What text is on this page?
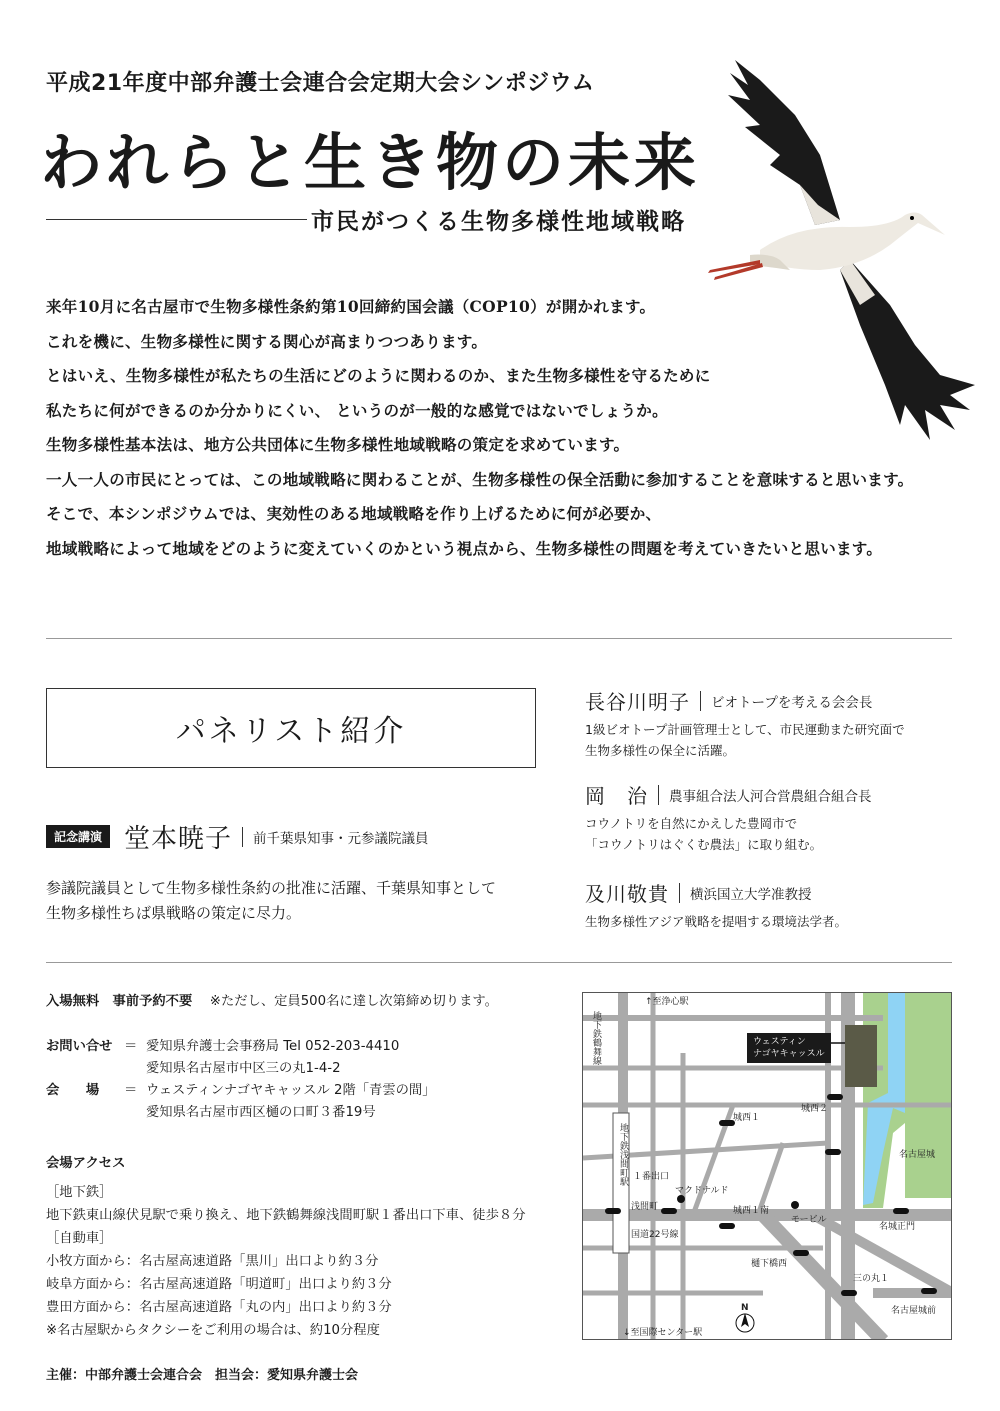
平成21年度中部弁護士会連合会定期大会シンポジウム
われらと生き物の未来
市民がつくる生物多様性地域戦略

来年10月に名古屋市で生物多様性条約第10回締約国会議（COP10）が開かれます。

これを機に、生物多様性に関する関心が高まりつつあります。

とはいえ、生物多様性が私たちの生活にどのように関わるのか、また生物多様性を守るために

私たちに何ができるのか分かりにくい、 というのが一般的な感覚ではないでしょうか。

生物多様性基本法は、地方公共団体に生物多様性地域戦略の策定を求めています。

一人一人の市民にとっては、この地域戦略に関わることが、生物多様性の保全活動に参加することを意味すると思います。

そこで、本シンポジウムでは、実効性のある地域戦略を作り上げるために何が必要か、

地域戦略によって地域をどのように変えていくのかという視点から、生物多様性の問題を考えていきたいと思います。

パネリスト紹介
記念講演 堂本暁子 前千葉県知事・元参議院議員
参議院議員として生物多様性条約の批准に活躍、千葉県知事として
生物多様性ちば県戦略の策定に尽力。
長谷川明子 ビオトープを考える会会長
1級ビオトープ計画管理士として、市民運動また研究面で
生物多様性の保全に活躍。
岡　治 農事組合法人河合営農組合組合長
コウノトリを自然にかえした豊岡市で
「コウノトリはぐくむ農法」に取り組む。
及川敬貴 横浜国立大学准教授
生物多様性アジア戦略を提唱する環境法学者。
入場無料　事前予約不要　 ※ただし、定員500名に達し次第締め切ります。
お問い合せ ＝ 愛知県弁護士会事務局 Tel 052-203-4410
愛知県名古屋市中区三の丸1-4-2
会　　場	＝ ウェスティンナゴヤキャッスル 2階「青雲の間」
愛知県名古屋市西区樋の口町３番19号
会場アクセス
［地下鉄］
地下鉄東山線伏見駅で乗り換え、地下鉄鶴舞線浅間町駅１番出口下車、徒歩８分
［自動車］
小牧方面から：名古屋高速道路「黒川」出口より約３分
岐阜方面から：名古屋高速道路「明道町」出口より約３分
豊田方面から：名古屋高速道路「丸の内」出口より約３分
※名古屋駅からタクシーをご利用の場合は、約10分程度
ウェスティン
ナゴヤキャッスル
地下鉄鶴舞線
地下鉄浅間町駅
↑至浄心駅
↓至国際センター駅
１番出口
浅間町
マクドナルド
国道22号線
城西１
城西２
城西１南
モービル
樋下橋西
名古屋城
名城正門
三の丸１
名古屋城前
N
主催：中部弁護士会連合会　担当会：愛知県弁護士会
